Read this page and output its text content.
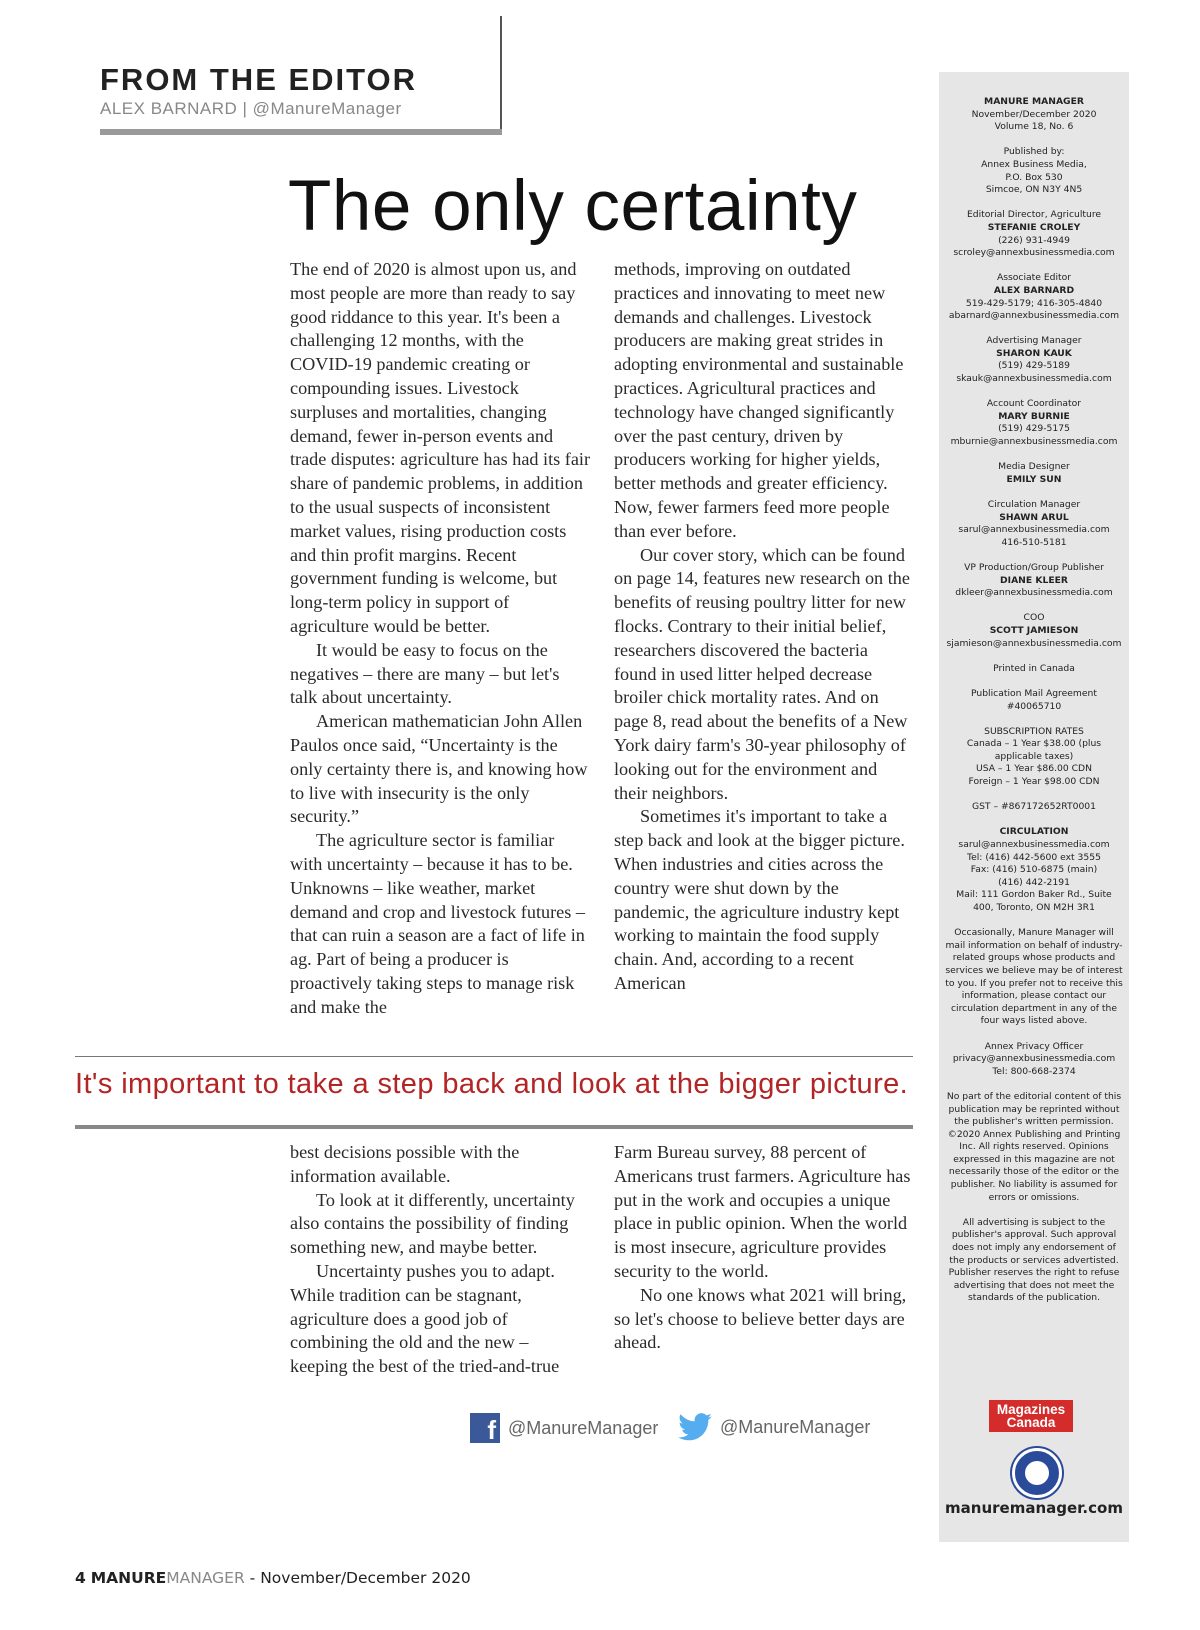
FROM THE EDITOR
ALEX BARNARD | @ManureManager
The only certainty

The end of 2020 is almost upon us, and most people are more than ready to say good riddance to this year. It's been a challenging 12 months, with the COVID-19 pandemic creating or compounding issues. Livestock surpluses and mortalities, changing demand, fewer in-person events and trade disputes: agriculture has had its fair share of pandemic problems, in addition to the usual suspects of inconsistent market values, rising production costs and thin profit margins. Recent government funding is welcome, but long-term policy in support of agriculture would be better.

It would be easy to focus on the negatives – there are many – but let's talk about uncertainty.

American mathematician John Allen Paulos once said, “Uncertainty is the only certainty there is, and knowing how to live with insecurity is the only security.”

The agriculture sector is familiar with uncertainty – because it has to be. Unknowns – like weather, market demand and crop and livestock futures – that can ruin a season are a fact of life in ag. Part of being a producer is proactively taking steps to manage risk and make the

methods, improving on outdated practices and innovating to meet new demands and challenges. Livestock producers are making great strides in adopting environmental and sustainable practices. Agricultural practices and technology have changed significantly over the past century, driven by producers working for higher yields, better methods and greater efficiency. Now, fewer farmers feed more people than ever before.

Our cover story, which can be found on page 14, features new research on the benefits of reusing poultry litter for new flocks. Contrary to their initial belief, researchers discovered the bacteria found in used litter helped decrease broiler chick mortality rates. And on page 8, read about the benefits of a New York dairy farm's 30-year philosophy of looking out for the environment and their neighbors.

Sometimes it's important to take a step back and look at the bigger picture. When industries and cities across the country were shut down by the pandemic, the agriculture industry kept working to maintain the food supply chain. And, according to a recent American

It's important to take a step back and look at the bigger picture.

best decisions possible with the information available.

To look at it differently, uncertainty also contains the possibility of finding something new, and maybe better.

Uncertainty pushes you to adapt. While tradition can be stagnant, agriculture does a good job of combining the old and the new – keeping the best of the tried-and-true

Farm Bureau survey, 88 percent of Americans trust farmers. Agriculture has put in the work and occupies a unique place in public opinion. When the world is most insecure, agriculture provides security to the world.

No one knows what 2021 will bring, so let's choose to believe better days are ahead.

f @ManureManager	@ManureManager
MANURE MANAGER
November/December 2020
Volume 18, No. 6
Published by:
Annex Business Media,
P.O. Box 530
Simcoe, ON N3Y 4N5
Editorial Director, Agriculture
STEFANIE CROLEY
(226) 931-4949
scroley@annexbusinessmedia.com
Associate Editor
ALEX BARNARD
519-429-5179; 416-305-4840
abarnard@annexbusinessmedia.com
Advertising Manager
SHARON KAUK
(519) 429-5189
skauk@annexbusinessmedia.com
Account Coordinator
MARY BURNIE
(519) 429-5175
mburnie@annexbusinessmedia.com
Media Designer
EMILY SUN
Circulation Manager
SHAWN ARUL
sarul@annexbusinessmedia.com
416-510-5181
VP Production/Group Publisher
DIANE KLEER
dkleer@annexbusinessmedia.com
COO
SCOTT JAMIESON
sjamieson@annexbusinessmedia.com
Printed in Canada
Publication Mail Agreement
#40065710
SUBSCRIPTION RATES
Canada – 1 Year $38.00 (plus applicable taxes)
USA – 1 Year $86.00 CDN
Foreign – 1 Year $98.00 CDN
GST – #867172652RT0001
CIRCULATION
sarul@annexbusinessmedia.com
Tel: (416) 442-5600 ext 3555
Fax: (416) 510-6875 (main)
(416) 442-2191
Mail: 111 Gordon Baker Rd., Suite 400, Toronto, ON M2H 3R1
Occasionally, Manure Manager will mail information on behalf of industry-related groups whose products and services we believe may be of interest to you. If you prefer not to receive this information, please contact our circulation department in any of the four ways listed above.
Annex Privacy Officer
privacy@annexbusinessmedia.com
Tel: 800-668-2374
No part of the editorial content of this publication may be reprinted without the publisher's written permission. ©2020 Annex Publishing and Printing Inc. All rights reserved. Opinions expressed in this magazine are not necessarily those of the editor or the publisher. No liability is assumed for errors or omissions.
All advertising is subject to the publisher's approval. Such approval does not imply any endorsement of the products or services advertisted. Publisher reserves the right to refuse advertising that does not meet the standards of the publication.
Magazines Canada
manuremanager.com
4 MANUREMANAGER - November/December 2020
